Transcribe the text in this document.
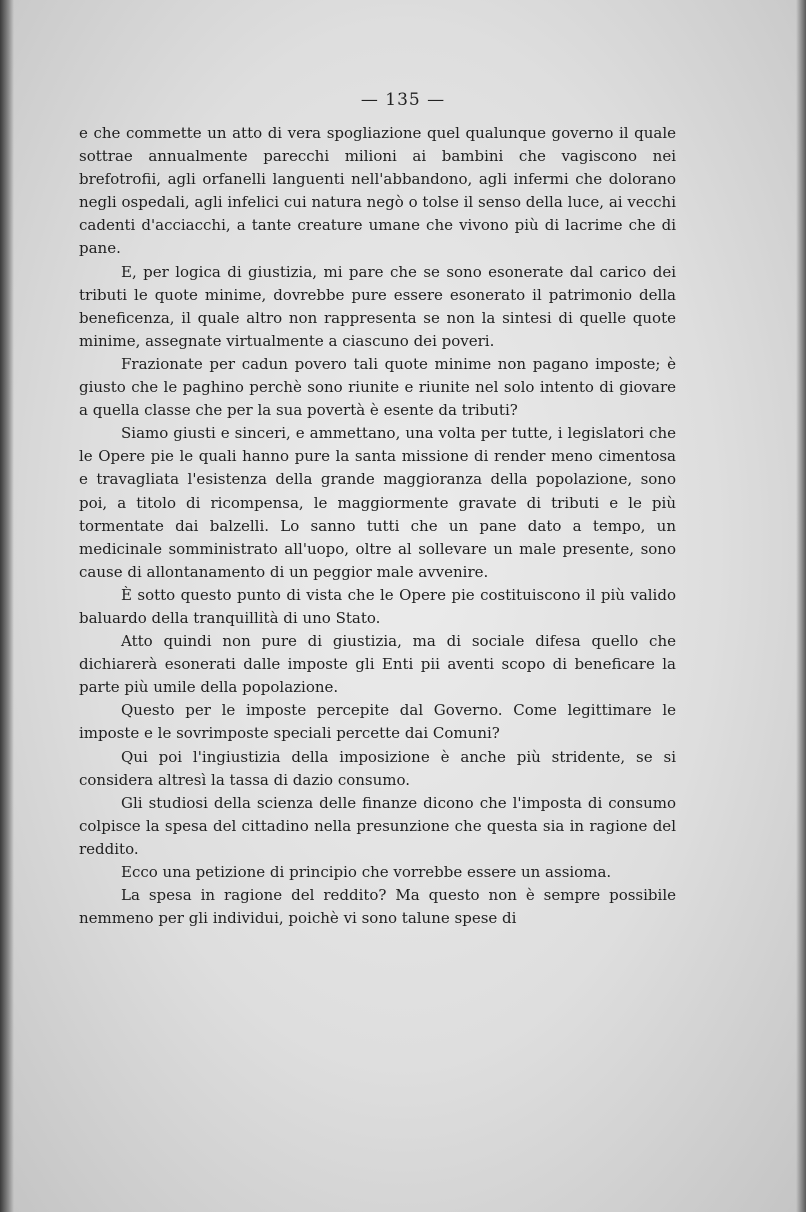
— 135 —

e che commette un atto di vera spogliazione quel qualunque governo il quale sottrae annualmente parecchi milioni ai bambini che vagiscono nei brefotrofii, agli orfanelli languenti nell'abbandono, agli infermi che dolorano negli ospedali, agli infelici cui natura negò o tolse il senso della luce, ai vecchi cadenti d'acciacchi, a tante creature umane che vivono più di lacrime che di pane.

E, per logica di giustizia, mi pare che se sono esonerate dal carico dei tributi le quote minime, dovrebbe pure essere esonerato il patrimonio della beneficenza, il quale altro non rappresenta se non la sintesi di quelle quote minime, assegnate virtualmente a ciascuno dei poveri.

Frazionate per cadun povero tali quote minime non pagano imposte; è giusto che le paghino perchè sono riunite e riunite nel solo intento di giovare a quella classe che per la sua povertà è esente da tributi?

Siamo giusti e sinceri, e ammettano, una volta per tutte, i legislatori che le Opere pie le quali hanno pure la santa missione di render meno cimentosa e travagliata l'esistenza della grande maggioranza della popolazione, sono poi, a titolo di ricompensa, le maggiormente gravate di tributi e le più tormentate dai balzelli. Lo sanno tutti che un pane dato a tempo, un medicinale somministrato all'uopo, oltre al sollevare un male presente, sono cause di allontanamento di un peggior male avvenire.

È sotto questo punto di vista che le Opere pie costituiscono il più valido baluardo della tranquillità di uno Stato.

Atto quindi non pure di giustizia, ma di sociale difesa quello che dichiarerà esonerati dalle imposte gli Enti pii aventi scopo di beneficare la parte più umile della popolazione.

Questo per le imposte percepite dal Governo. Come legittimare le imposte e le sovrimposte speciali percette dai Comuni?

Qui poi l'ingiustizia della imposizione è anche più stridente, se si considera altresì la tassa di dazio consumo.

Gli studiosi della scienza delle finanze dicono che l'imposta di consumo colpisce la spesa del cittadino nella presunzione che questa sia in ragione del reddito.

Ecco una petizione di principio che vorrebbe essere un assioma.

La spesa in ragione del reddito? Ma questo non è sempre possibile nemmeno per gli individui, poichè vi sono talune spese di
